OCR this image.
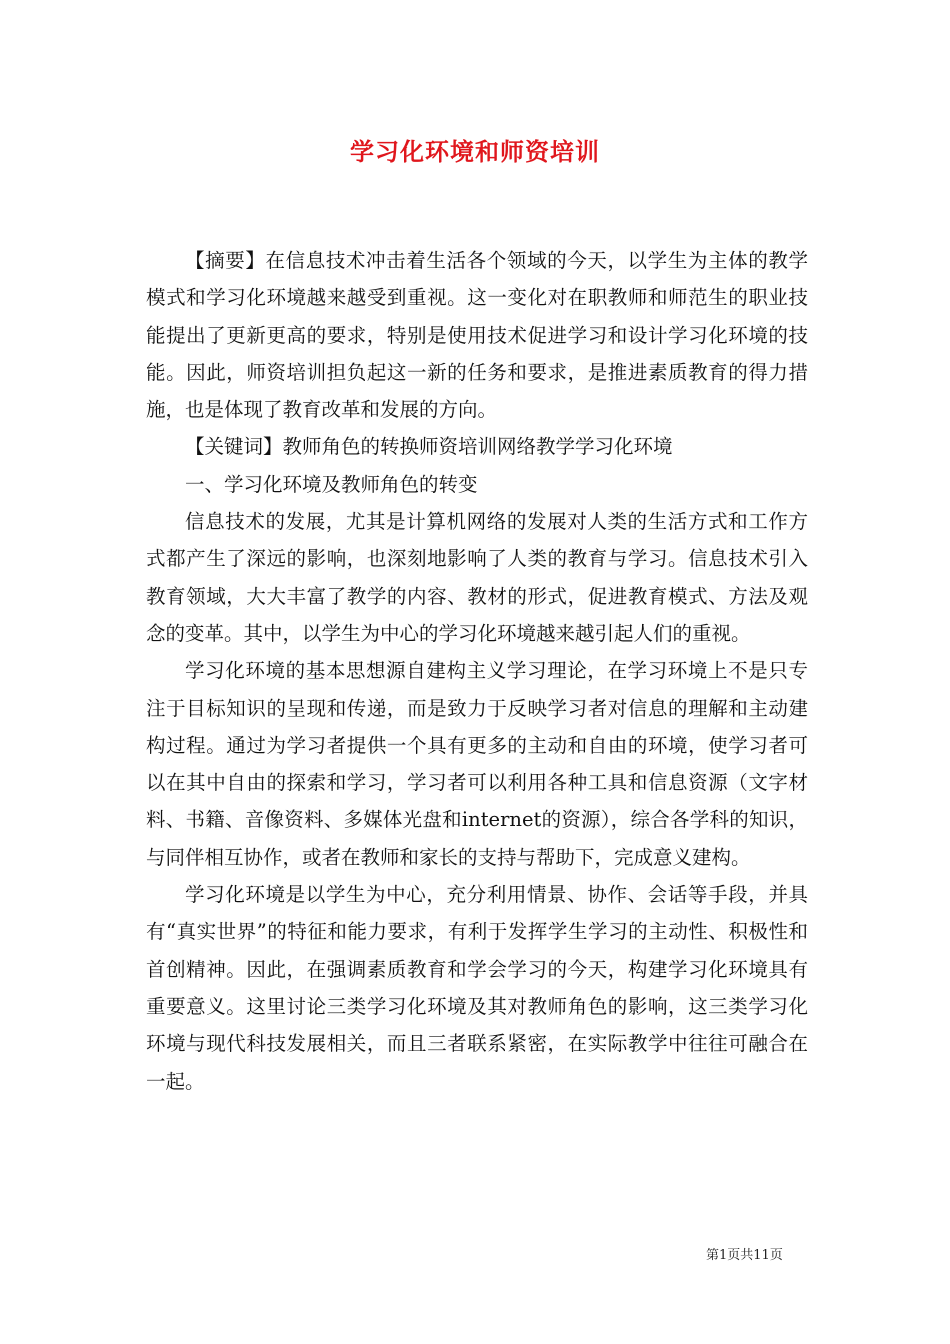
学习化环境和师资培训

【摘要】在信息技术冲击着生活各个领域的今天，以学生为主体的教学模式和学习化环境越来越受到重视。这一变化对在职教师和师范生的职业技能提出了更新更高的要求，特别是使用技术促进学习和设计学习化环境的技能。因此，师资培训担负起这一新的任务和要求，是推进素质教育的得力措施，也是体现了教育改革和发展的方向。

【关键词】教师角色的转换师资培训网络教学学习化环境

一、学习化环境及教师角色的转变

信息技术的发展，尤其是计算机网络的发展对人类的生活方式和工作方式都产生了深远的影响，也深刻地影响了人类的教育与学习。信息技术引入教育领域，大大丰富了教学的内容、教材的形式，促进教育模式、方法及观念的变革。其中，以学生为中心的学习化环境越来越引起人们的重视。

学习化环境的基本思想源自建构主义学习理论，在学习环境上不是只专注于目标知识的呈现和传递，而是致力于反映学习者对信息的理解和主动建构过程。通过为学习者提供一个具有更多的主动和自由的环境，使学习者可以在其中自由的探索和学习，学习者可以利用各种工具和信息资源（文字材料、书籍、音像资料、多媒体光盘和internet的资源），综合各学科的知识，与同伴相互协作，或者在教师和家长的支持与帮助下，完成意义建构。

学习化环境是以学生为中心，充分利用情景、协作、会话等手段，并具有“真实世界”的特征和能力要求，有利于发挥学生学习的主动性、积极性和首创精神。因此，在强调素质教育和学会学习的今天，构建学习化环境具有重要意义。这里讨论三类学习化环境及其对教师角色的影响，这三类学习化环境与现代科技发展相关，而且三者联系紧密，在实际教学中往往可融合在一起。

第1页共11页
